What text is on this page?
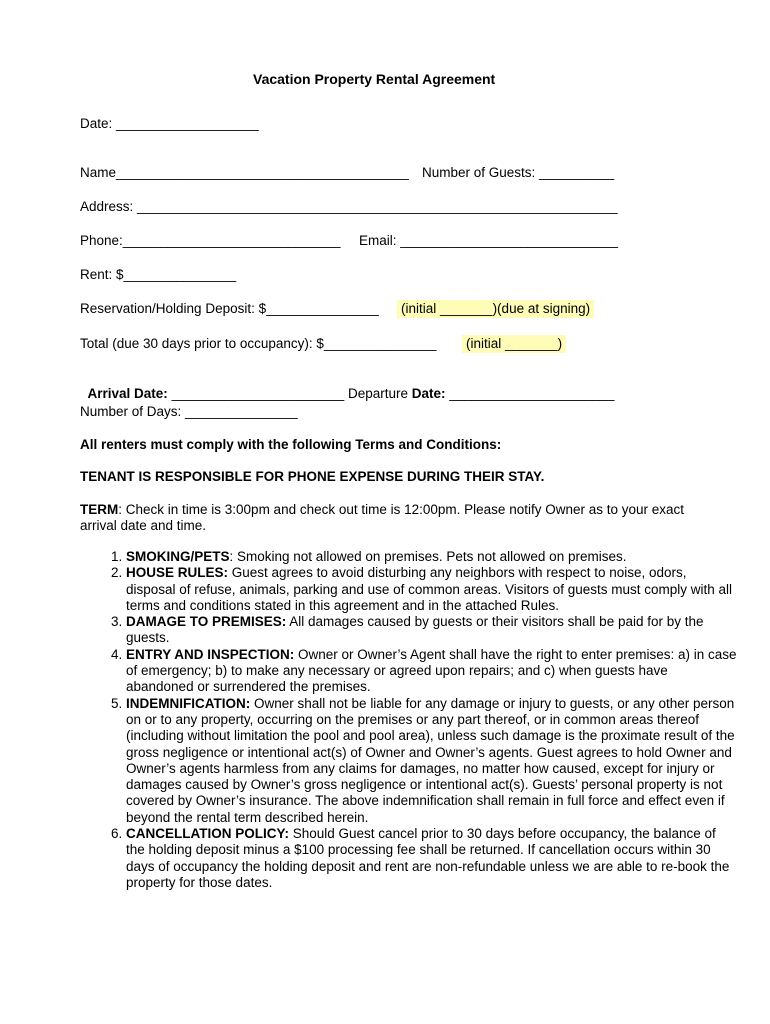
Vacation Property Rental Agreement
Date: ___________________
Name_______________________________________ Number of Guests: __________
Address: ________________________________________________________________
Phone:_____________________________ Email: _____________________________
Rent: $_______________
Reservation/Holding Deposit: $_______________ (initial _______)(due at signing)
Total (due 30 days prior to occupancy): $_______________ (initial _______)

Arrival Date: _______________________ Departure Date: ______________________

Number of Days: _______________
All renters must comply with the following Terms and Conditions:
TENANT IS RESPONSIBLE FOR PHONE EXPENSE DURING THEIR STAY.
TERM: Check in time is 3:00pm and check out time is 12:00pm. Please notify Owner as to your exact arrival date and time.
1. SMOKING/PETS: Smoking not allowed on premises. Pets not allowed on premises.
2. HOUSE RULES: Guest agrees to avoid disturbing any neighbors with respect to noise, odors, disposal of refuse, animals, parking and use of common areas. Visitors of guests must comply with all terms and conditions stated in this agreement and in the attached Rules.
3. DAMAGE TO PREMISES: All damages caused by guests or their visitors shall be paid for by the guests.
4. ENTRY AND INSPECTION: Owner or Owner’s Agent shall have the right to enter premises: a) in case of emergency; b) to make any necessary or agreed upon repairs; and c) when guests have abandoned or surrendered the premises.
5. INDEMNIFICATION: Owner shall not be liable for any damage or injury to guests, or any other person on or to any property, occurring on the premises or any part thereof, or in common areas thereof (including without limitation the pool and pool area), unless such damage is the proximate result of the gross negligence or intentional act(s) of Owner and Owner’s agents. Guest agrees to hold Owner and Owner’s agents harmless from any claims for damages, no matter how caused, except for injury or damages caused by Owner’s gross negligence or intentional act(s). Guests’ personal property is not covered by Owner’s insurance. The above indemnification shall remain in full force and effect even if beyond the rental term described herein.
6. CANCELLATION POLICY: Should Guest cancel prior to 30 days before occupancy, the balance of the holding deposit minus a $100 processing fee shall be returned. If cancellation occurs within 30 days of occupancy the holding deposit and rent are non-refundable unless we are able to re-book the property for those dates.
